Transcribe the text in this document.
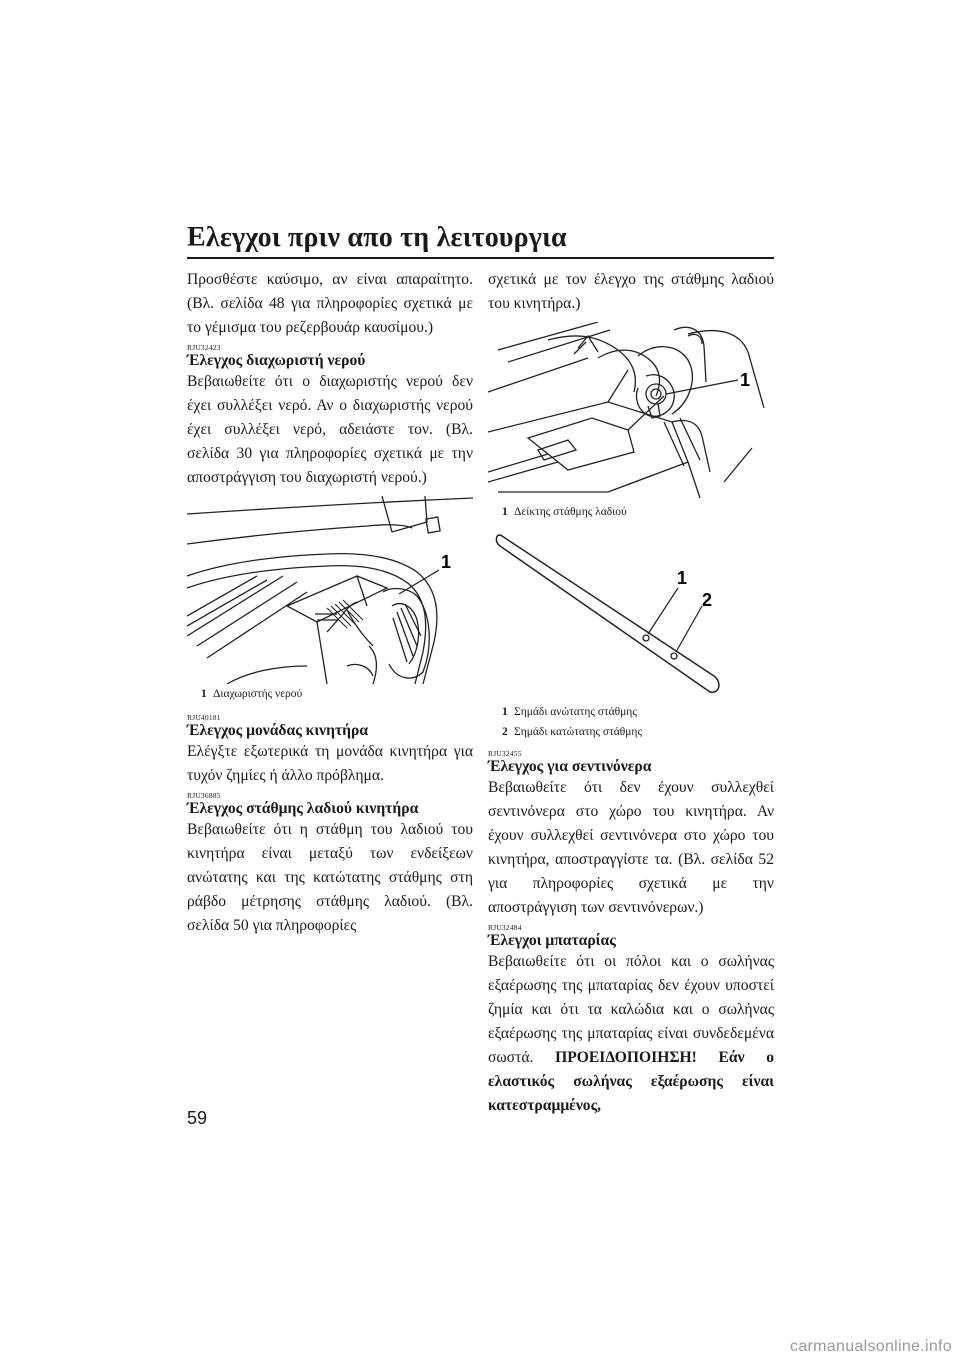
Ελεγχοι πριν απο τη λειτουργια

Προσθέστε καύσιμο, αν είναι απαραίτητο. (Βλ. σελίδα 48 για πληροφορίες σχετικά με το γέμισμα του ρεζερβουάρ καυσίμου.)

RJU32423
Έλεγχος διαχωριστή νερού

Βεβαιωθείτε ότι ο διαχωριστής νερού δεν έχει συλλέξει νερό. Αν ο διαχωριστής νερού έχει συλλέξει νερό, αδειάστε τον. (Βλ. σελίδα 30 για πληροφορίες σχετικά με την αποστράγγιση του διαχωριστή νερού.)

1
1 Διαχωριστής νερού
RJU40181
Έλεγχος μονάδας κινητήρα

Ελέγξτε εξωτερικά τη μονάδα κινητήρα για τυχόν ζημίες ή άλλο πρόβλημα.

RJU36885
Έλεγχος στάθμης λαδιού κινητήρα

Βεβαιωθείτε ότι η στάθμη του λαδιού του κινητήρα είναι μεταξύ των ενδείξεων ανώτατης και της κατώτατης στάθμης στη ράβδο μέτρησης στάθμης λαδιού. (Βλ. σελίδα 50 για πληροφορίες

σχετικά με τον έλεγχο της στάθμης λαδιού του κινητήρα.)

1
1 Δείκτης στάθμης λαδιού
1
2
1 Σημάδι ανώτατης στάθμης
2 Σημάδι κατώτατης στάθμης
RJU32455
Έλεγχος για σεντινόνερα

Βεβαιωθείτε ότι δεν έχουν συλλεχθεί σεντινόνερα στο χώρο του κινητήρα. Αν έχουν συλλεχθεί σεντινόνερα στο χώρο του κινητήρα, αποστραγγίστε τα. (Βλ. σελίδα 52 για πληροφορίες σχετικά με την αποστράγγιση των σεντινόνερων.)

RJU32484
Έλεγχοι μπαταρίας

Βεβαιωθείτε ότι οι πόλοι και ο σωλήνας εξαέρωσης της μπαταρίας δεν έχουν υποστεί ζημία και ότι τα καλώδια και ο σωλήνας εξαέρωσης της μπαταρίας είναι συνδεδεμένα σωστά. ΠΡΟΕΙΔΟΠΟΙΗΣΗ! Εάν ο ελαστικός σωλήνας εξαέρωσης είναι κατεστραμμένος,

59
carmanualsonline.info
